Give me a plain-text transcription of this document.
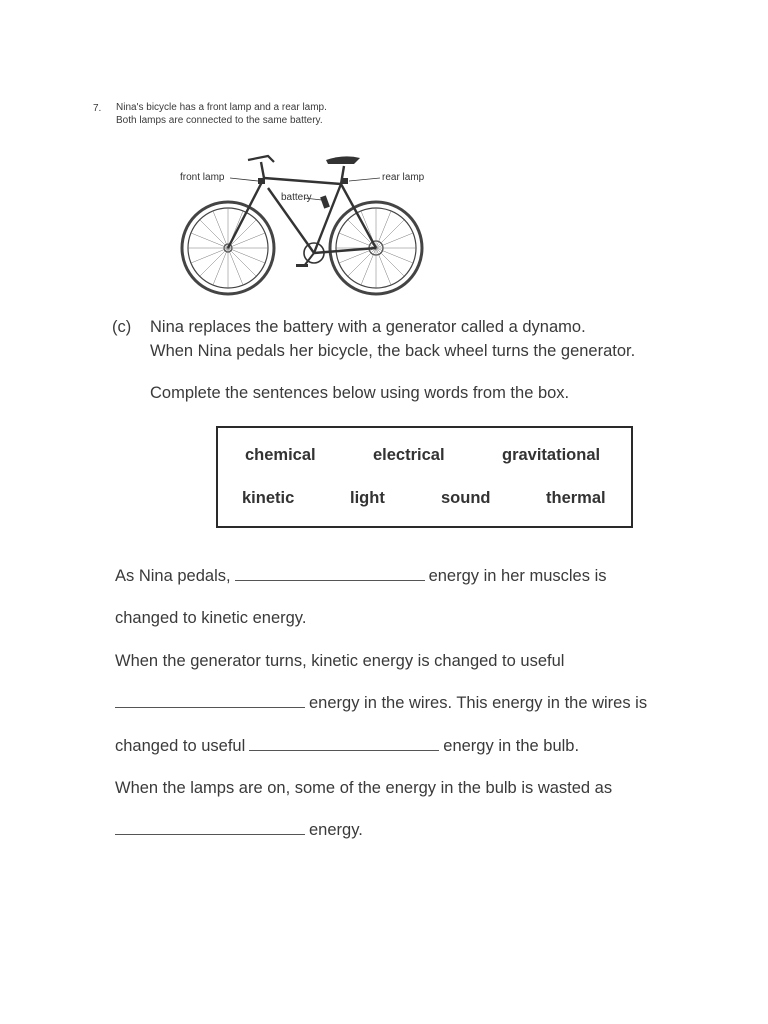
7. Nina's bicycle has a front lamp and a rear lamp.
Both lamps are connected to the same battery.
front lamp	rear lamp
battery
(c) Nina replaces the battery with a generator called a dynamo.
When Nina pedals her bicycle, the back wheel turns the generator.
Complete the sentences below using words from the box.
chemical	electrical	gravitational
kinetic	light	sound	thermal
As Nina pedals,	energy in her muscles is
changed to kinetic energy.
When the generator turns, kinetic energy is changed to useful
energy in the wires. This energy in the wires is
changed to useful	energy in the bulb.
When the lamps are on, some of the energy in the bulb is wasted as
energy.
